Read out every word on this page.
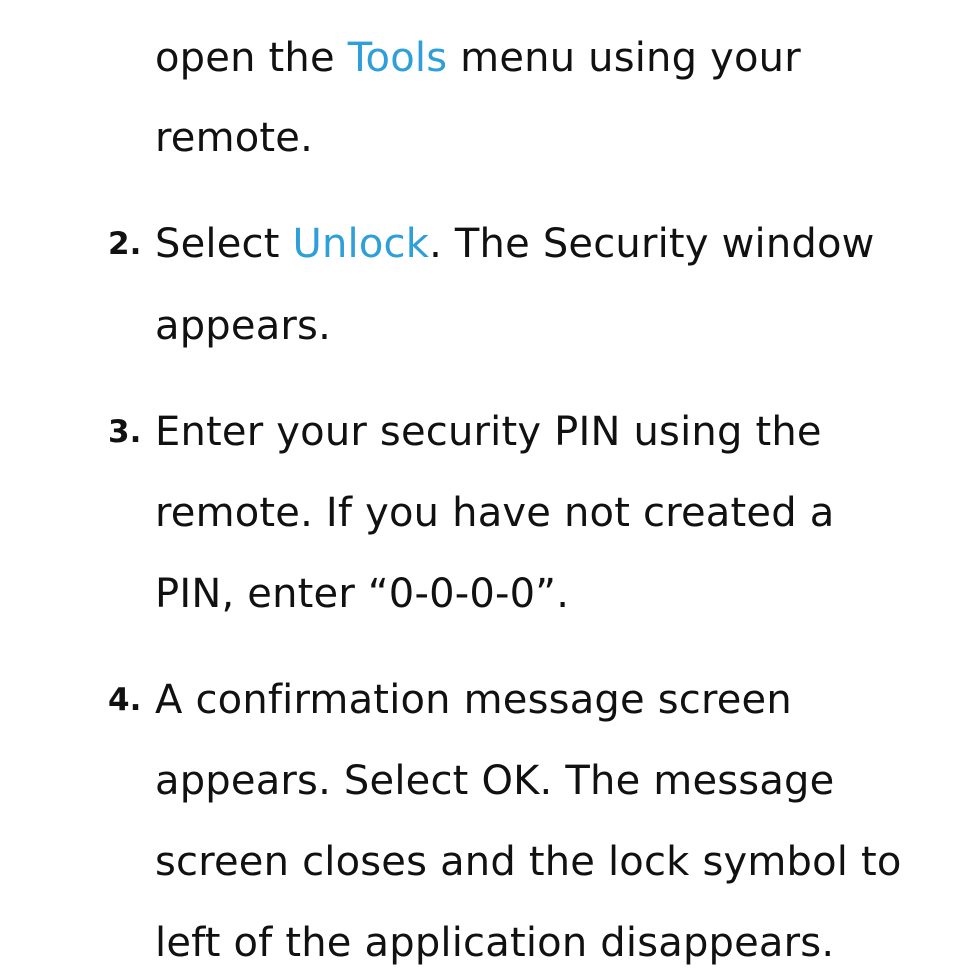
open the Tools menu using your
remote.
2. Select Unlock. The Security window
appears.
3. Enter your security PIN using the
remote. If you have not created a
PIN, enter “0-0-0-0”.
4. A confirmation message screen
appears. Select OK. The message
screen closes and the lock symbol to
left of the application disappears.
